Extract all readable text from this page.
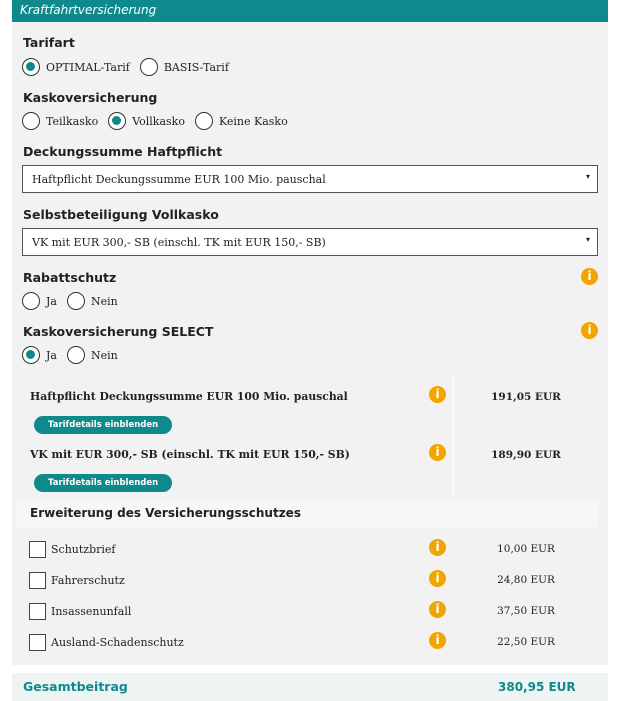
Kraftfahrtversicherung
Tarifart
OPTIMAL-Tarif	BASIS-Tarif
Kaskoversicherung
Teilkasko	Vollkasko	Keine Kasko
Deckungssumme Haftpflicht
Haftpflicht Deckungssumme EUR 100 Mio. pauschal	▾
Selbstbeteiligung Vollkasko
VK mit EUR 300,- SB (einschl. TK mit EUR 150,- SB)	▾
Rabattschutz	i
Ja	Nein
Kaskoversicherung SELECT	i
Ja	Nein
Haftpflicht Deckungssumme EUR 100 Mio. pauschal	i	191,05 EUR
Tarifdetails einblenden
VK mit EUR 300,- SB (einschl. TK mit EUR 150,- SB)	i	189,90 EUR
Tarifdetails einblenden
Erweiterung des Versicherungsschutzes
Schutzbrief	i	10,00 EUR
Fahrerschutz	i	24,80 EUR
Insassenunfall	i	37,50 EUR
Ausland-Schadenschutz	i	22,50 EUR
Gesamtbeitrag	380,95 EUR
